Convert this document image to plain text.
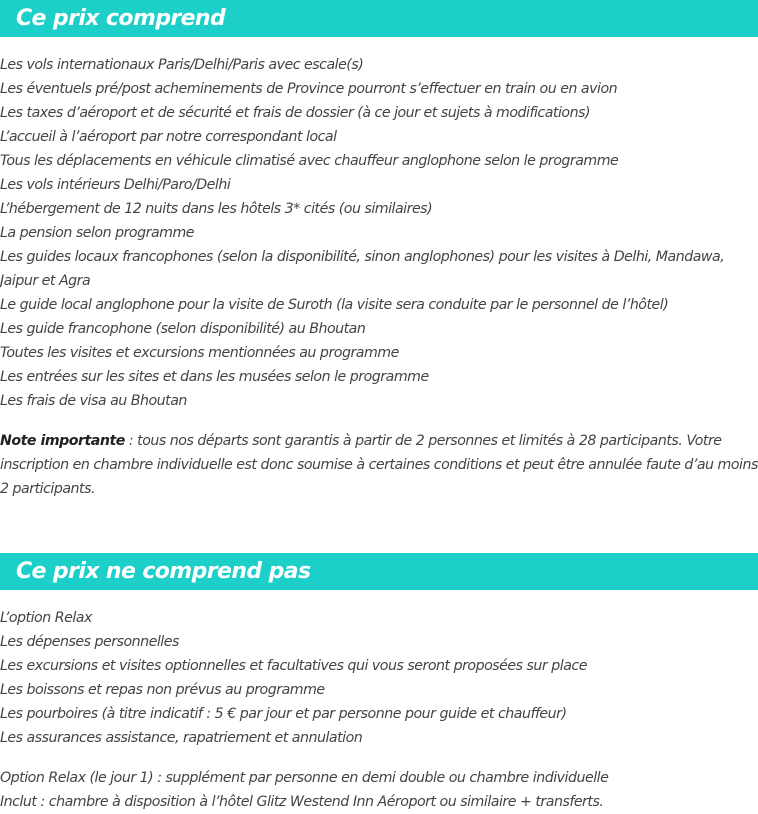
Ce prix comprend
Les vols internationaux Paris/Delhi/Paris avec escale(s)
Les éventuels pré/post acheminements de Province pourront s’effectuer en train ou en avion
Les taxes d’aéroport et de sécurité et frais de dossier (à ce jour et sujets à modifications)
L’accueil à l’aéroport par notre correspondant local
Tous les déplacements en véhicule climatisé avec chauffeur anglophone selon le programme
Les vols intérieurs Delhi/Paro/Delhi
L’hébergement de 12 nuits dans les hôtels 3* cités (ou similaires)
La pension selon programme
Les guides locaux francophones (selon la disponibilité, sinon anglophones) pour les visites à Delhi, Mandawa, Jaipur et Agra
Le guide local anglophone pour la visite de Suroth (la visite sera conduite par le personnel de l’hôtel)
Les guide francophone (selon disponibilité) au Bhoutan
Toutes les visites et excursions mentionnées au programme
Les entrées sur les sites et dans les musées selon le programme
Les frais de visa au Bhoutan

Note importante : tous nos départs sont garantis à partir de 2 personnes et limités à 28 participants. Votre inscription en chambre individuelle est donc soumise à certaines conditions et peut être annulée faute d’au moins 2 participants.

Ce prix ne comprend pas
L’option Relax
Les dépenses personnelles
Les excursions et visites optionnelles et facultatives qui vous seront proposées sur place
Les boissons et repas non prévus au programme
Les pourboires (à titre indicatif : 5 € par jour et par personne pour guide et chauffeur)
Les assurances assistance, rapatriement et annulation

Option Relax (le jour 1) : supplément par personne en demi double ou chambre individuelle

Inclut : chambre à disposition à l’hôtel Glitz Westend Inn Aéroport ou similaire + transferts.
